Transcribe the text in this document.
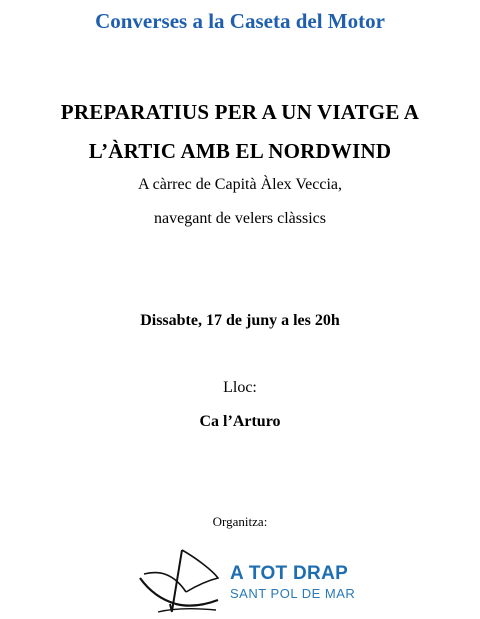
Converses a la Caseta del Motor
PREPARATIUS PER A UN VIATGE A
L’ÀRTIC AMB EL NORDWIND
A càrrec de Capità Àlex Veccia,
navegant de velers clàssics
Dissabte, 17 de juny a les 20h
Lloc:
Ca l’Arturo
Organitza:
A TOT DRAP
SANT POL DE MAR
